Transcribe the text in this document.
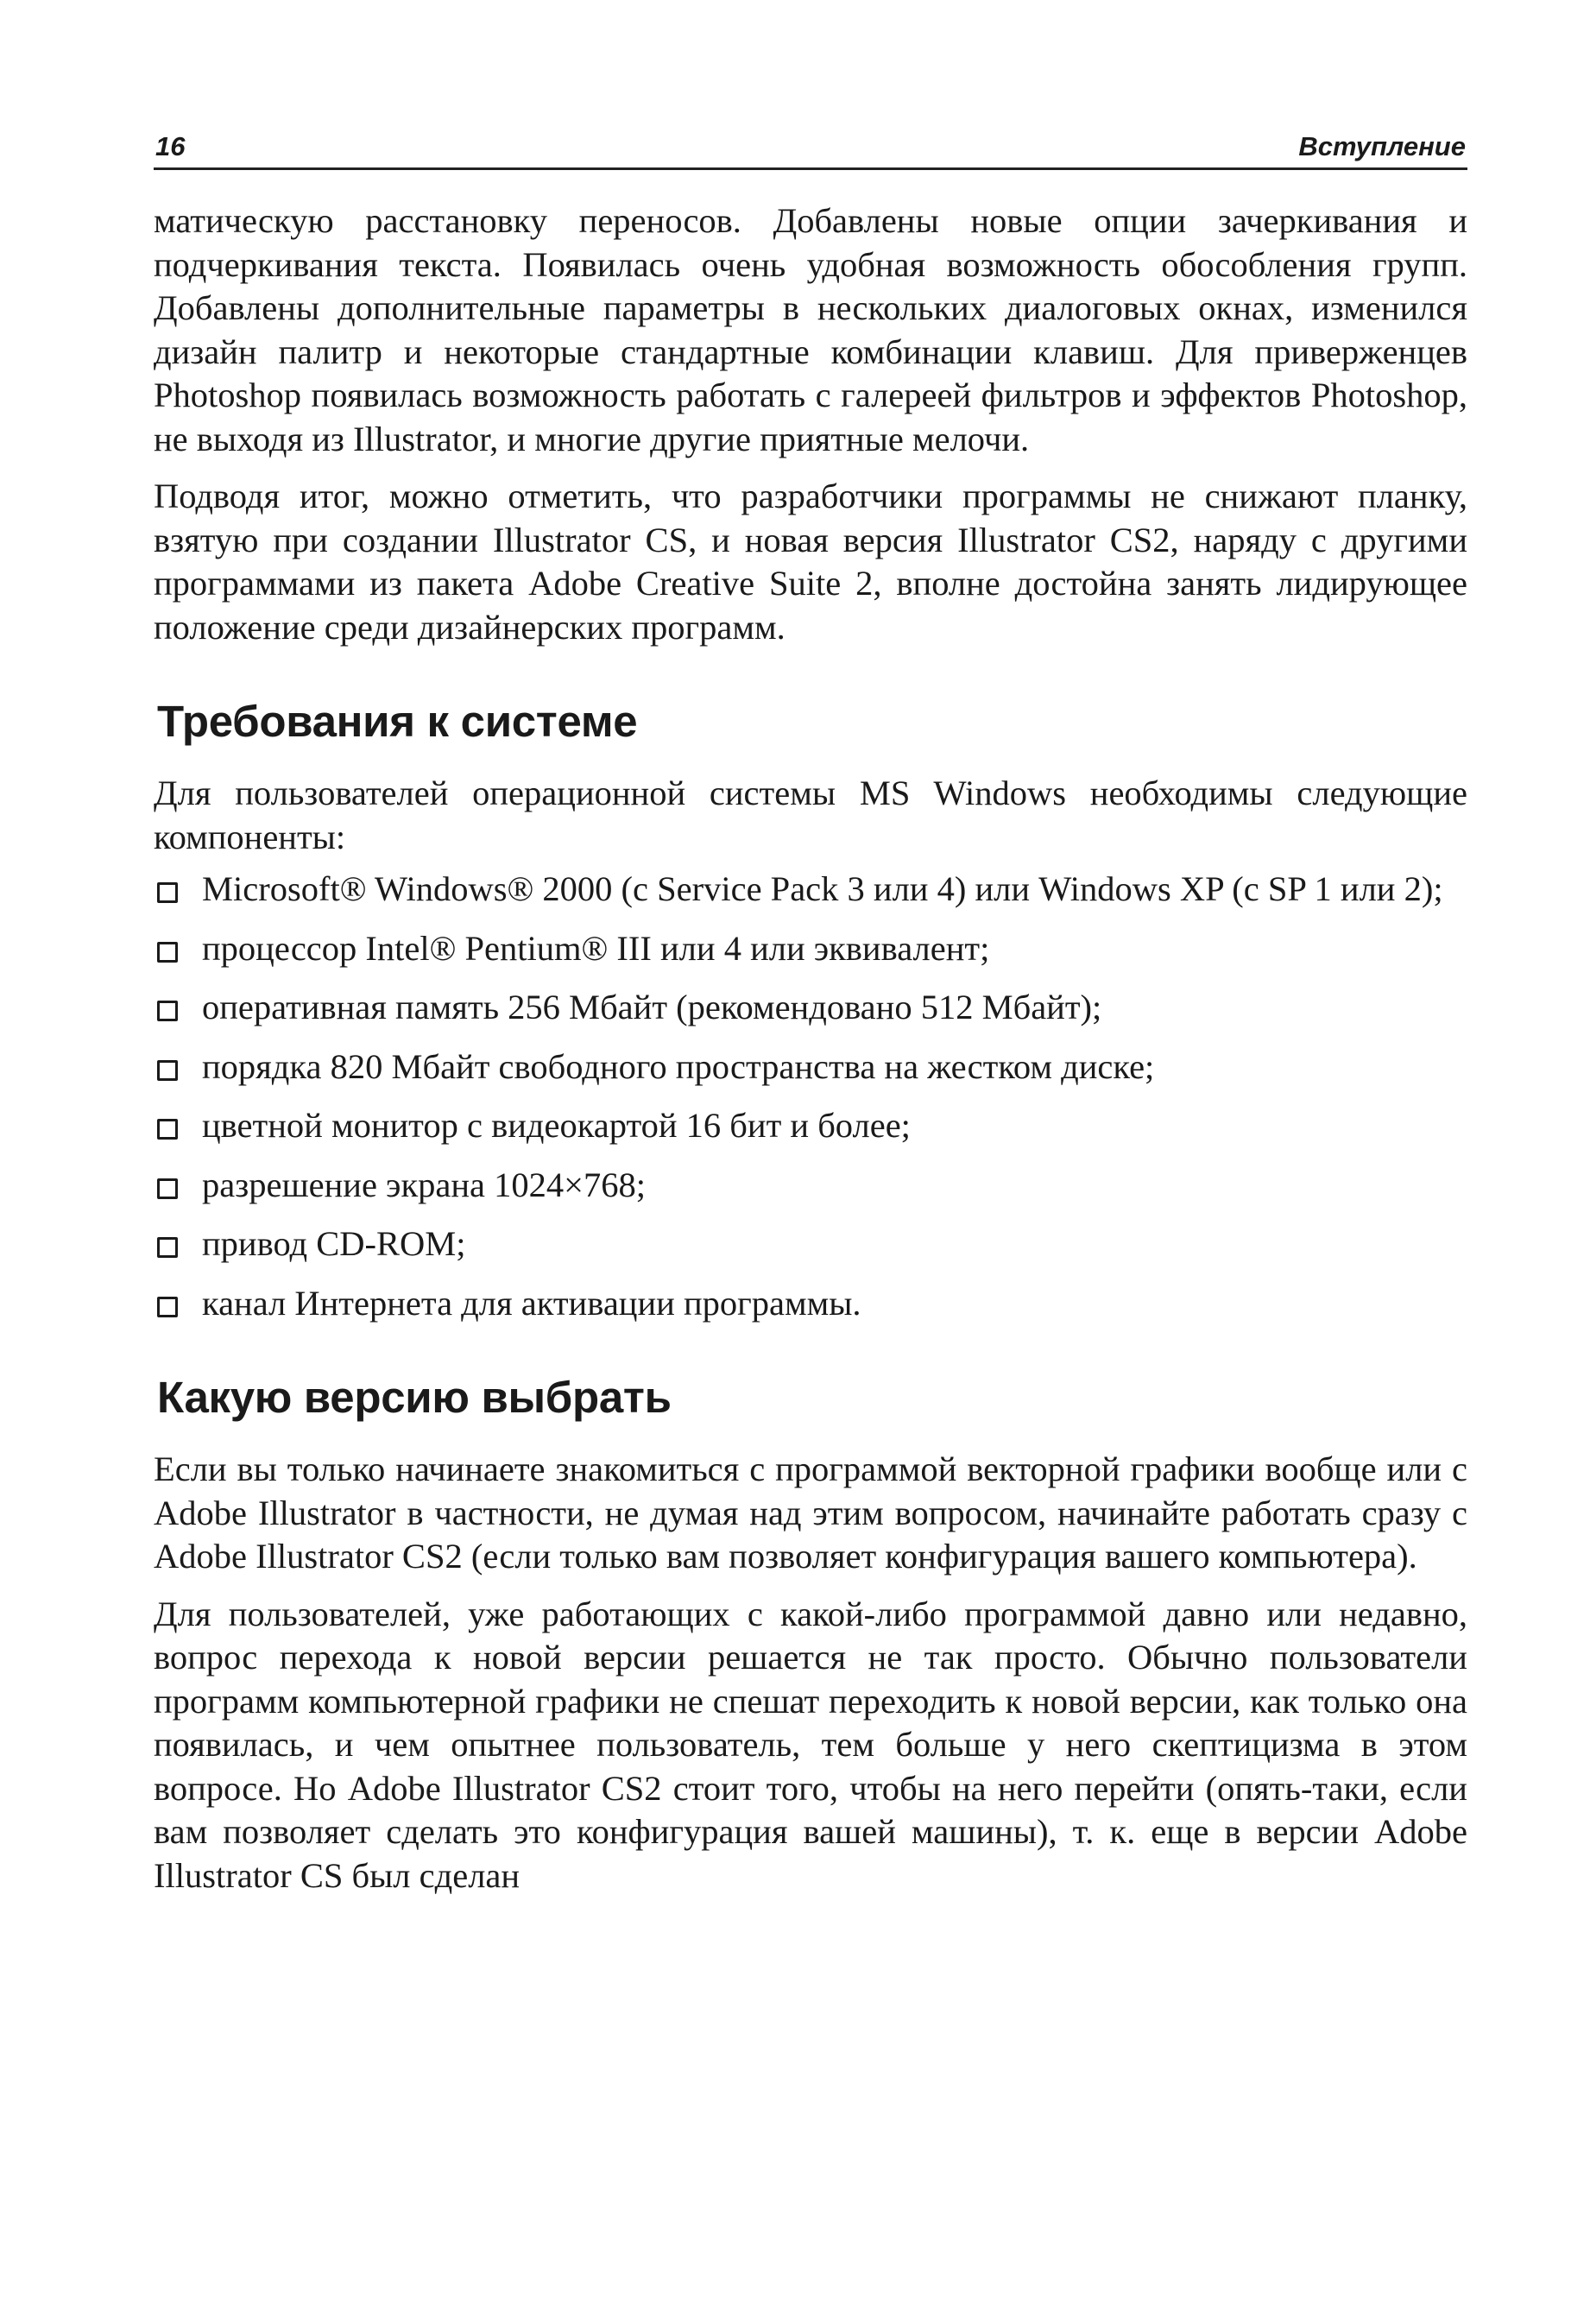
16	Вступление

матическую расстановку переносов. Добавлены новые опции зачеркивания и подчеркивания текста. Появилась очень удобная возможность обособления групп. Добавлены дополнительные параметры в нескольких диалоговых окнах, изменился дизайн палитр и некоторые стандартные комбинации клавиш. Для приверженцев Photoshop появилась возможность работать с галереей фильтров и эффектов Photoshop, не выходя из Illustrator, и многие другие приятные мелочи.

Подводя итог, можно отметить, что разработчики программы не снижают планку, взятую при создании Illustrator CS, и новая версия Illustrator CS2, наряду с другими программами из пакета Adobe Creative Suite 2, вполне достойна занять лидирующее положение среди дизайнерских программ.

Требования к системе

Для пользователей операционной системы MS Windows необходимы следующие компоненты:

Microsoft® Windows® 2000 (с Service Pack 3 или 4) или Windows XP (с SP 1 или 2);
процессор Intel® Pentium® III или 4 или эквивалент;
оперативная память 256 Мбайт (рекомендовано 512 Мбайт);
порядка 820 Мбайт свободного пространства на жестком диске;
цветной монитор с видеокартой 16 бит и более;
разрешение экрана 1024×768;
привод CD-ROM;
канал Интернета для активации программы.
Какую версию выбрать

Если вы только начинаете знакомиться с программой векторной графики вообще или с Adobe Illustrator в частности, не думая над этим вопросом, начинайте работать сразу с Adobe Illustrator CS2 (если только вам позволяет конфигурация вашего компьютера).

Для пользователей, уже работающих с какой-либо программой давно или недавно, вопрос перехода к новой версии решается не так просто. Обычно пользователи программ компьютерной графики не спешат переходить к новой версии, как только она появилась, и чем опытнее пользователь, тем больше у него скептицизма в этом вопросе. Но Adobe Illustrator CS2 стоит того, чтобы на него перейти (опять-таки, если вам позволяет сделать это конфигурация вашей машины), т. к. еще в версии Adobe Illustrator CS был сделан
